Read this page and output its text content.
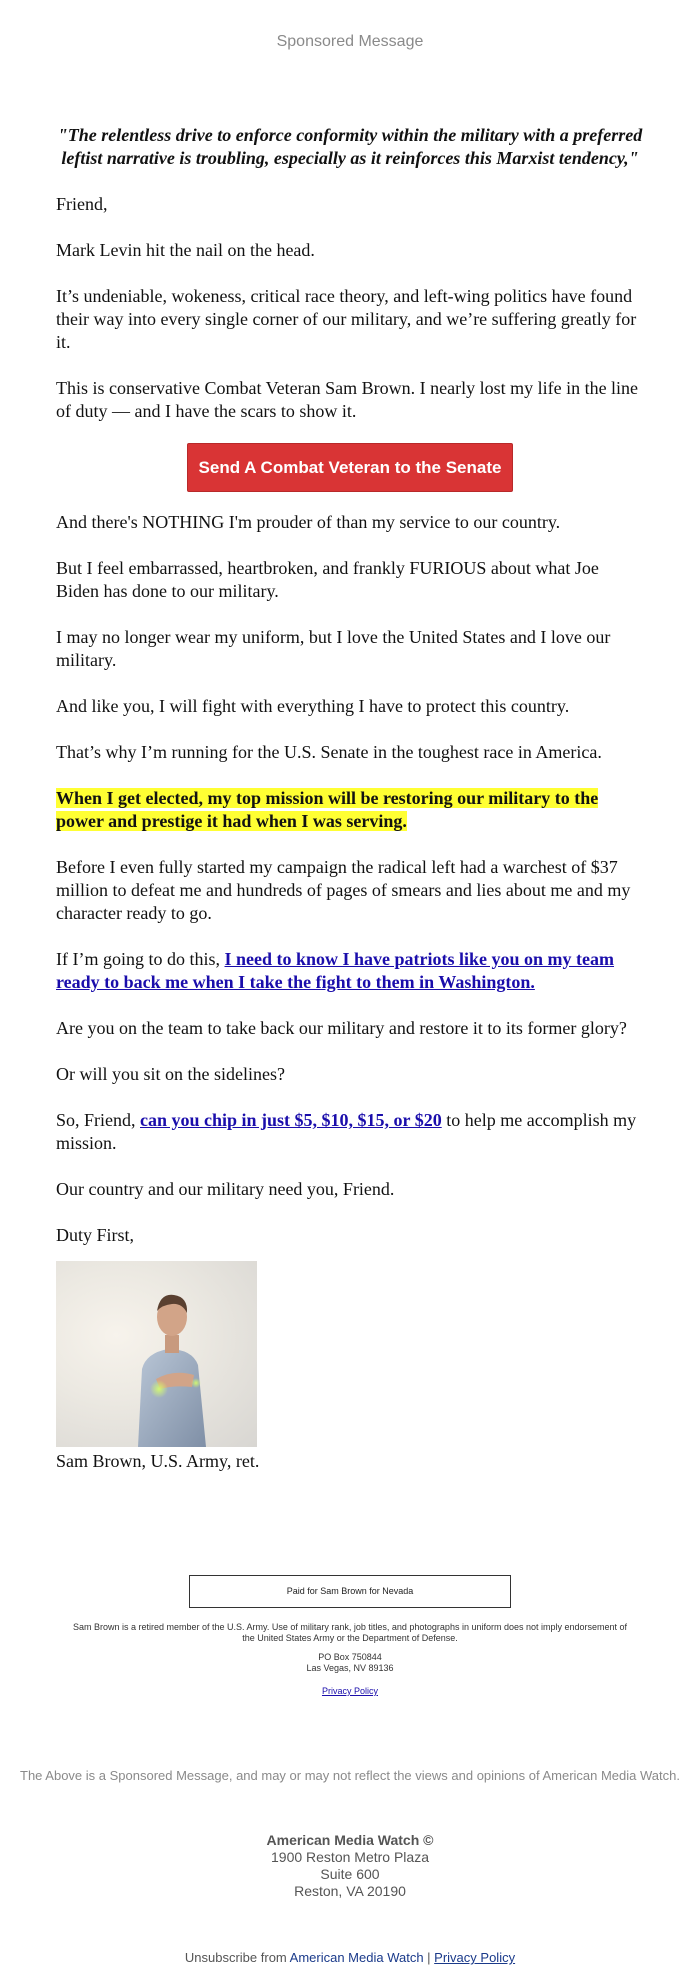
Sponsored Message

"The relentless drive to enforce conformity within the military with a preferred leftist narrative is troubling, especially as it reinforces this Marxist tendency,"

Friend,

Mark Levin hit the nail on the head.

It’s undeniable, wokeness, critical race theory, and left-wing politics have found their way into every single corner of our military, and we’re suffering greatly for it.

This is conservative Combat Veteran Sam Brown. I nearly lost my life in the line of duty — and I have the scars to show it.

Send A Combat Veteran to the Senate

And there's NOTHING I'm prouder of than my service to our country.

But I feel embarrassed, heartbroken, and frankly FURIOUS about what Joe Biden has done to our military.

I may no longer wear my uniform, but I love the United States and I love our military.

And like you, I will fight with everything I have to protect this country.

That’s why I’m running for the U.S. Senate in the toughest race in America.

When I get elected, my top mission will be restoring our military to the power and prestige it had when I was serving.

Before I even fully started my campaign the radical left had a warchest of $37 million to defeat me and hundreds of pages of smears and lies about me and my character ready to go.

If I’m going to do this, I need to know I have patriots like you on my team ready to back me when I take the fight to them in Washington.

Are you on the team to take back our military and restore it to its former glory?

Or will you sit on the sidelines?

So, Friend, can you chip in just $5, $10, $15, or $20 to help me accomplish my mission.

Our country and our military need you, Friend.

Duty First,

Sam Brown, U.S. Army, ret.

Paid for Sam Brown for Nevada
Sam Brown is a retired member of the U.S. Army. Use of military rank, job titles, and photographs in uniform does not imply endorsement of the United States Army or the Department of Defense.
PO Box 750844
Las Vegas, NV 89136
Privacy Policy
The Above is a Sponsored Message, and may or may not reflect the views and opinions of American Media Watch.
American Media Watch ©
1900 Reston Metro Plaza
Suite 600
Reston, VA 20190
Unsubscribe from American Media Watch | Privacy Policy
